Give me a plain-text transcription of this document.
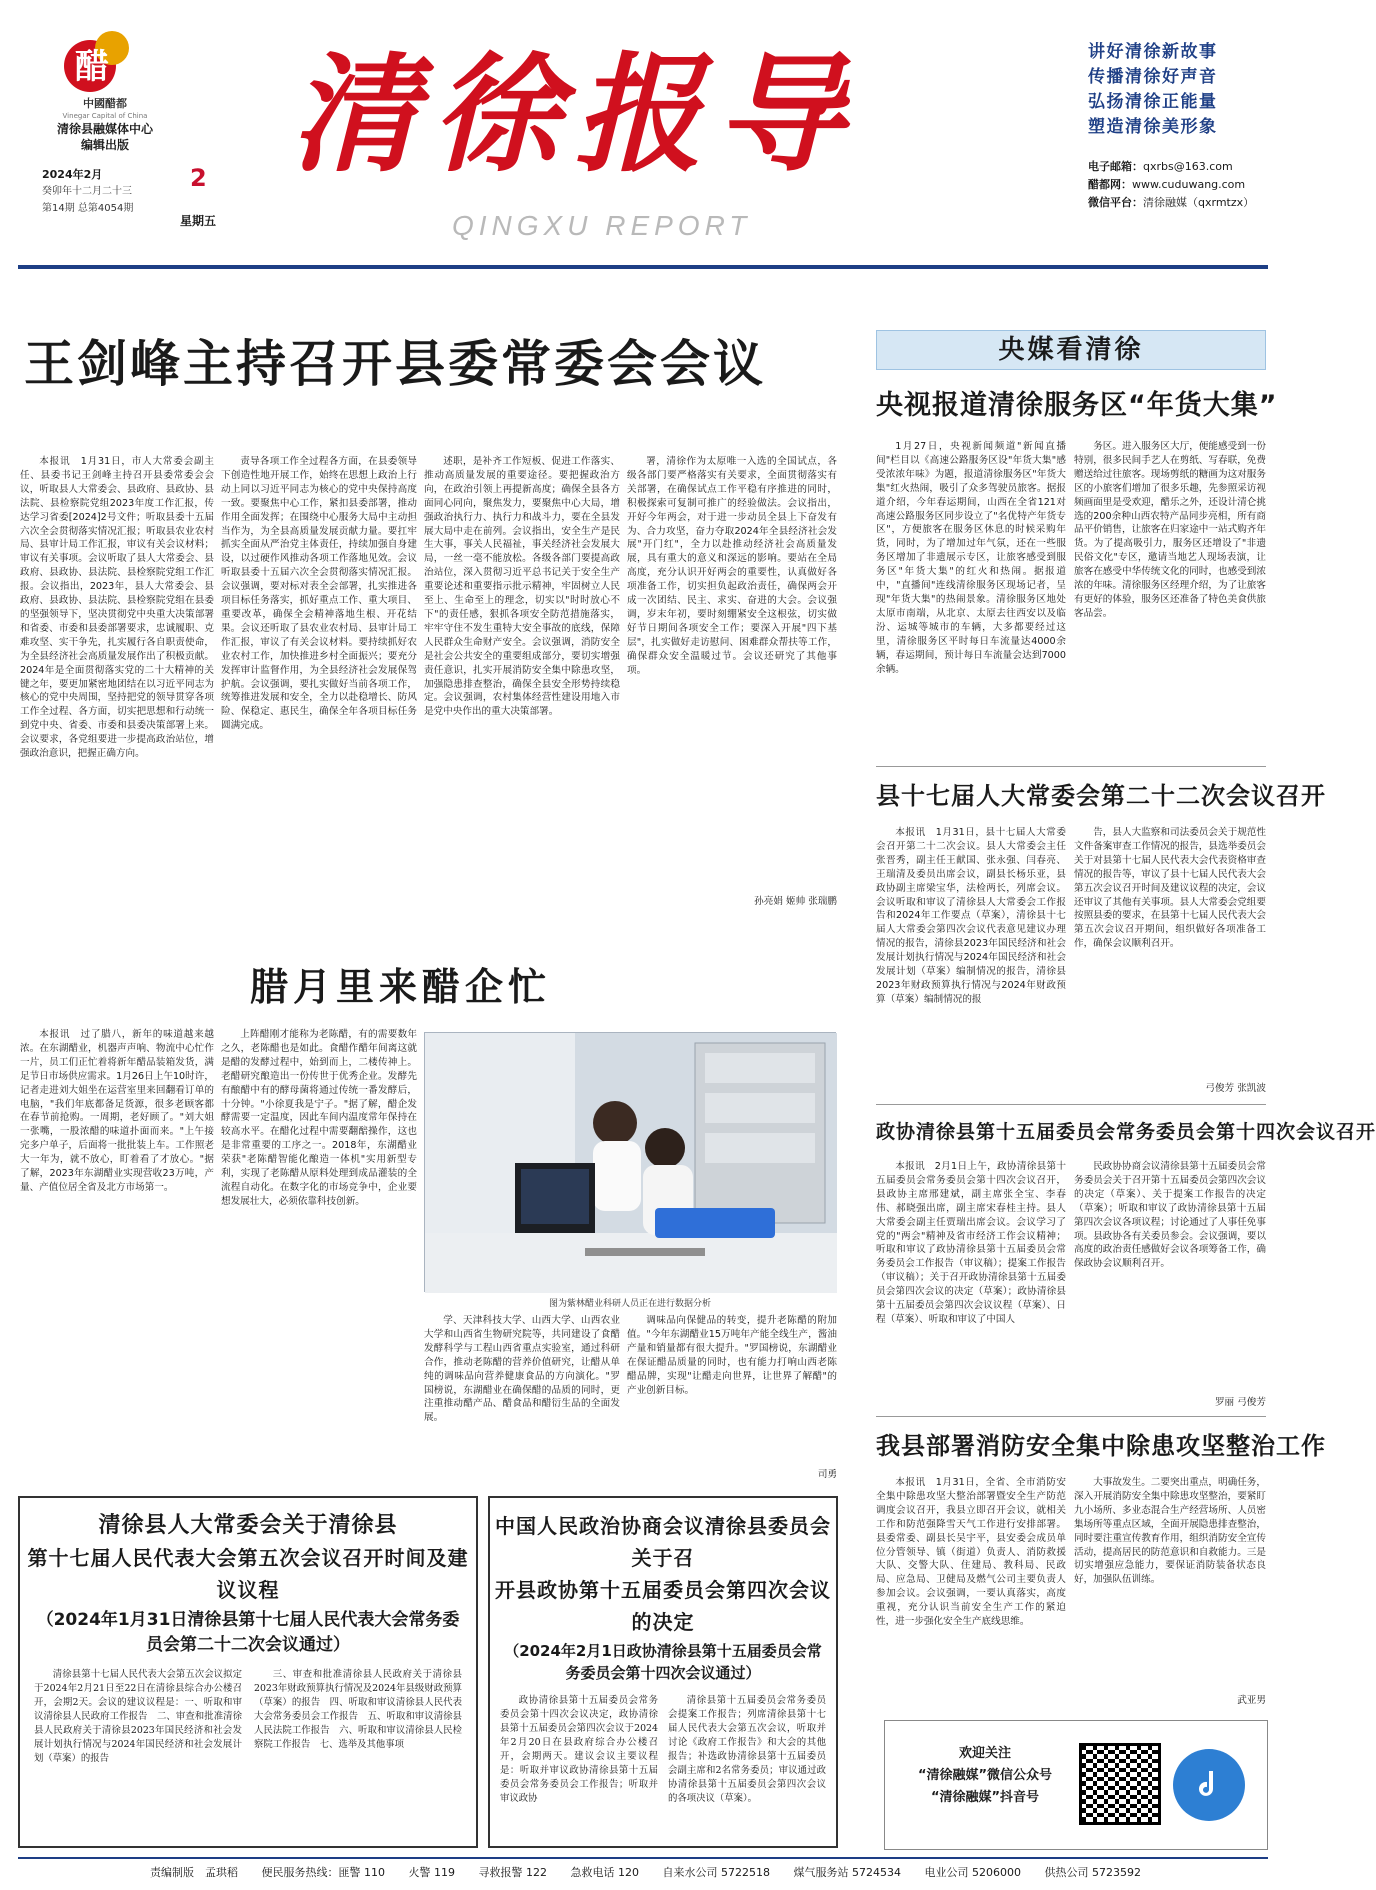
醋
中國醋都
Vinegar Capital of China
清徐县融媒体中心
编辑出版
2024年2月
癸卯年十二月二十三
第14期 总第4054期
2
星期五
清徐报导
QINGXU REPORT
讲好清徐新故事
传播清徐好声音
弘扬清徐正能量
塑造清徐美形象
电子邮箱：qxrbs@163.com
醋都网：www.cuduwang.com
微信平台：清徐融媒（qxrmtzx）
王剑峰主持召开县委常委会会议

本报讯　1月31日，市人大常委会副主任、县委书记王剑峰主持召开县委常委会会议，听取县人大常委会、县政府、县政协、县法院、县检察院党组2023年度工作汇报，传达学习省委[2024]2号文件；听取县委十五届六次全会贯彻落实情况汇报；听取县农业农村局、县审计局工作汇报，审议有关会议材料；审议有关事项。会议听取了县人大常委会、县政府、县政协、县法院、县检察院党组工作汇报。会议指出，2023年，县人大常委会、县政府、县政协、县法院、县检察院党组在县委的坚强领导下，坚决贯彻党中央重大决策部署和省委、市委和县委部署要求，忠诚履职、克难攻坚、实干争先，扎实履行各自职责使命，为全县经济社会高质量发展作出了积极贡献。2024年是全面贯彻落实党的二十大精神的关键之年，要更加紧密地团结在以习近平同志为核心的党中央周围，坚持把党的领导贯穿各项工作全过程、各方面，切实把思想和行动统一到党中央、省委、市委和县委决策部署上来。会议要求，各党组要进一步提高政治站位，增强政治意识，把握正确方向。

责导各项工作全过程各方面，在县委领导下创造性地开展工作，始终在思想上政治上行动上同以习近平同志为核心的党中央保持高度一致。要聚焦中心工作，紧扣县委部署，推动作用全面发挥；在围绕中心服务大局中主动担当作为，为全县高质量发展贡献力量。要扛牢抓实全面从严治党主体责任，持续加强自身建设，以过硬作风推动各项工作落地见效。会议听取县委十五届六次全会贯彻落实情况汇报。会议强调，要对标对表全会部署，扎实推进各项目标任务落实，抓好重点工作、重大项目、重要改革，确保全会精神落地生根、开花结果。会议还听取了县农业农村局、县审计局工作汇报，审议了有关会议材料。要持续抓好农业农村工作，加快推进乡村全面振兴；要充分发挥审计监督作用，为全县经济社会发展保驾护航。会议强调，要扎实做好当前各项工作，统筹推进发展和安全，全力以赴稳增长、防风险、保稳定、惠民生，确保全年各项目标任务圆满完成。

述职，是补齐工作短板、促进工作落实、推动高质量发展的重要途径。要把握政治方向，在政治引领上再提新高度；确保全县各方面同心同向，聚焦发力，要聚焦中心大局，增强政治执行力、执行力和战斗力，要在全县发展大局中走在前列。会议指出，安全生产是民生大事，事关人民福祉，事关经济社会发展大局，一丝一毫不能放松。各级各部门要提高政治站位，深入贯彻习近平总书记关于安全生产重要论述和重要指示批示精神，牢固树立人民至上、生命至上的理念，切实以"时时放心不下"的责任感，狠抓各项安全防范措施落实，牢牢守住不发生重特大安全事故的底线，保障人民群众生命财产安全。会议强调，消防安全是社会公共安全的重要组成部分，要切实增强责任意识，扎实开展消防安全集中除患攻坚，加强隐患排查整治，确保全县安全形势持续稳定。会议强调，农村集体经营性建设用地入市是党中央作出的重大决策部署。

署，清徐作为太原唯一入选的全国试点，各级各部门要严格落实有关要求，全面贯彻落实有关部署，在确保试点工作平稳有序推进的同时，积极探索可复制可推广的经验做法。会议指出，开好今年两会，对于进一步动员全县上下奋发有为、合力攻坚，奋力夺取2024年全县经济社会发展"开门红"，全力以赴推动经济社会高质量发展，具有重大的意义和深远的影响。要站在全局高度，充分认识开好两会的重要性，认真做好各项准备工作，切实担负起政治责任，确保两会开成一次团结、民主、求实、奋进的大会。会议强调，岁末年初，要时刻绷紧安全这根弦，切实做好节日期间各项安全工作；要深入开展"四下基层"，扎实做好走访慰问、困难群众帮扶等工作，确保群众安全温暖过节。会议还研究了其他事项。

孙亮娟 姬帅 张瑞鹏
腊月里来醋企忙

本报讯　过了腊八，新年的味道越来越浓。在东湖醋业，机器声声响、物流中心忙作一片，员工们正忙着将新年醋品装箱发货，满足节日市场供应需求。1月26日上午10时许，记者走进刘大姐坐在运营室里来回翻看订单的电脑，"我们年底都备足货源，很多老顾客都在春节前抢购。一周期，老好顾了。"刘大姐一张嘴，一股浓醋的味道扑面而来。"上午接完多户单子，后面将一批批装上车。工作照老大一年为，就不放心，盯着看了才放心。"据了解，2023年东湖醋业实现营收23万吨，产量、产值位居全省及北方市场第一。

上阵醋刚才能称为老陈醋，有的需要数年之久，老陈醋也是如此。食醋作醋年间离这就是醋的发酵过程中，始到而上，二楼传神上。老醋研究酿造出一份传世于优秀企业。发酵先有酿醋中有的酵母菌将通过传统一番发酵后，十分钟。"小徐夏我是宁子。"据了解，醋企发酵需要一定温度，因此车间内温度常年保持在较高水平。在醋化过程中需要翻醅操作，这也是非常重要的工序之一。2018年，东湖醋业荣获"老陈醋智能化酿造一体机"实用新型专利，实现了老陈醋从原料处理到成品灌装的全流程自动化。在数字化的市场竞争中，企业要想发展壮大，必须依靠科技创新。

图为紫林醋业科研人员正在进行数据分析

学、天津科技大学、山西大学、山西农业大学和山西省生物研究院等，共同建设了食醋发酵科学与工程山西省重点实验室，通过科研合作，推动老陈醋的营养价值研究，让醋从单纯的调味品向营养健康食品的方向演化。"罗国榜说，东湖醋业在确保醋的品质的同时，更注重推动醋产品、醋食品和醋衍生品的全面发展。

调味品向保健品的转变，提升老陈醋的附加值。"今年东湖醋业15万吨年产能全线生产，酱油产量和销量都有很大提升。"罗国榜说，东湖醋业在保证醋品质量的同时，也有能力打响山西老陈醋品牌，实现"让醋走向世界，让世界了解醋"的产业创新目标。

司勇
央媒看清徐
央视报道清徐服务区“年货大集”

1月27日，央视新闻频道"新闻直播间"栏目以《高速公路服务区设"年货大集"感受浓浓年味》为题，报道清徐服务区"年货大集"红火热闹，吸引了众多驾驶员旅客。据报道介绍，今年春运期间，山西在全省121对高速公路服务区同步设立了"名优特产年货专区"，方便旅客在服务区休息的时候采购年货，同时，为了增加过年气氛，还在一些服务区增加了非遗展示专区，让旅客感受到服务区"年货大集"的红火和热闹。据报道中，"直播间"连线清徐服务区现场记者，呈现"年货大集"的热闹景象。清徐服务区地处太原市南端，从北京、太原去往西安以及临汾、运城等城市的车辆，大多都要经过这里，清徐服务区平时每日车流量达4000余辆，春运期间，预计每日车流量会达到7000余辆。

务区。进入服务区大厅，便能感受到一份特别，很多民间手艺人在剪纸、写春联，免费赠送给过往旅客。现场剪纸的糖画为这对服务区的小旅客们增加了很多乐趣，先参照采访视频画面里是受欢迎，醋乐之外，还设计清仑挑选的200余种山西农特产品同步亮相，所有商品平价销售，让旅客在归家途中一站式购齐年货。为了提高吸引力，服务区还增设了"非遗民俗文化"专区，邀请当地艺人现场表演，让旅客在感受中华传统文化的同时，也感受到浓浓的年味。清徐服务区经理介绍，为了让旅客有更好的体验，服务区还准备了特色美食供旅客品尝。

县十七届人大常委会第二十二次会议召开

本报讯　1月31日，县十七届人大常委会召开第二十二次会议。县人大常委会主任张晋秀，副主任王献国、张永强、闫春亮、王瑞清及委员出席会议，副县长杨乐亚，县政协副主席梁宝华，法检两长，列席会议。会议听取和审议了清徐县人大常委会工作报告和2024年工作要点（草案），清徐县十七届人大常委会第四次会议代表意见建议办理情况的报告，清徐县2023年国民经济和社会发展计划执行情况与2024年国民经济和社会发展计划（草案）编制情况的报告，清徐县2023年财政预算执行情况与2024年财政预算（草案）编制情况的报

告，县人大监察和司法委员会关于规范性文件备案审查工作情况的报告，县选举委员会关于对县第十七届人民代表大会代表资格审查情况的报告等，审议了县十七届人民代表大会第五次会议召开时间及建议议程的决定，会议还审议了其他有关事项。县人大常委会党组要按照县委的要求，在县第十七届人民代表大会第五次会议召开期间，组织做好各项准备工作，确保会议顺利召开。

弓俊芳 张凯波
政协清徐县第十五届委员会常务委员会第十四次会议召开

本报讯　2月1日上午，政协清徐县第十五届委员会常务委员会第十四次会议召开，县政协主席邢建斌，副主席张全宝、李春伟、郝晓强出席，副主席宋春桂主持。县人大常委会副主任贾瑞出席会议。会议学习了党的"两会"精神及省市经济工作会议精神；听取和审议了政协清徐县第十五届委员会常务委员会工作报告（审议稿）；提案工作报告（审议稿）；关于召开政协清徐县第十五届委员会第四次会议的决定（草案）；政协清徐县第十五届委员会第四次会议议程（草案）、日程（草案）、听取和审议了中国人

民政协协商会议清徐县第十五届委员会常务委员会关于召开第十五届委员会第四次会议的决定（草案）、关于提案工作报告的决定（草案）；听取和审议了政协清徐县第十五届第四次会议各项议程；讨论通过了人事任免事项。县政协各有关委员参会。会议强调，要以高度的政治责任感做好会议各项筹备工作，确保政协会议顺利召开。

罗丽 弓俊芳
我县部署消防安全集中除患攻坚整治工作

本报讯　1月31日，全省、全市消防安全集中除患攻坚大整治部署暨安全生产防范调度会议召开，我县立即召开会议，就相关工作和防范强降雪天气工作进行安排部署。县委常委、副县长吴宇平，县安委会成员单位分管领导、镇（街道）负责人、消防救援大队、交警大队、住建局、教科局、民政局、应急局、卫健局及燃气公司主要负责人参加会议。会议强调，一要认真落实，高度重视，充分认识当前安全生产工作的紧迫性，进一步强化安全生产底线思维。

大事故发生。二要突出重点，明确任务，深入开展消防安全集中除患攻坚整治，要紧盯九小场所、多业态混合生产经营场所、人员密集场所等重点区域，全面开展隐患排查整治，同时要注重宣传教育作用，组织消防安全宣传活动，提高居民的防范意识和自救能力。三是切实增强应急能力，要保证消防装备状态良好，加强队伍训练。

武亚男
清徐县人大常委会关于清徐县
第十七届人民代表大会第五次会议召开时间及建议议程
（2024年1月31日清徐县第十七届人民代表大会常务委员会第二十二次会议通过）

清徐县第十七届人民代表大会第五次会议拟定于2024年2月21日至22日在清徐县综合办公楼召开，会期2天。会议的建议议程是：一、听取和审议清徐县人民政府工作报告　二、审查和批准清徐县人民政府关于清徐县2023年国民经济和社会发展计划执行情况与2024年国民经济和社会发展计划（草案）的报告

三、审查和批准清徐县人民政府关于清徐县2023年财政预算执行情况及2024年县级财政预算（草案）的报告　四、听取和审议清徐县人民代表大会常务委员会工作报告　五、听取和审议清徐县人民法院工作报告　六、听取和审议清徐县人民检察院工作报告　七、选举及其他事项

中国人民政治协商会议清徐县委员会关于召
开县政协第十五届委员会第四次会议的决定
（2024年2月1日政协清徐县第十五届委员会常务委员会第十四次会议通过）

政协清徐县第十五届委员会常务委员会第十四次会议决定，政协清徐县第十五届委员会第四次会议于2024年2月20日在县政府综合办公楼召开，会期两天。建议会议主要议程是：听取并审议政协清徐县第十五届委员会常务委员会工作报告；听取并审议政协

清徐县第十五届委员会常务委员会提案工作报告；列席清徐县第十七届人民代表大会第五次会议，听取并讨论《政府工作报告》和大会的其他报告；补选政协清徐县第十五届委员会副主席和2名常务委员；审议通过政协清徐县第十五届委员会第四次会议的各项决议（草案）。

欢迎关注
“清徐融媒”微信公众号
“清徐融媒”抖音号
责编制版　孟珙稻 便民服务热线：匪警 110 火警 119 寻救报警 122 急救电话 120 自来水公司 5722518 煤气服务站 5724534 电业公司 5206000 供热公司 5723592
